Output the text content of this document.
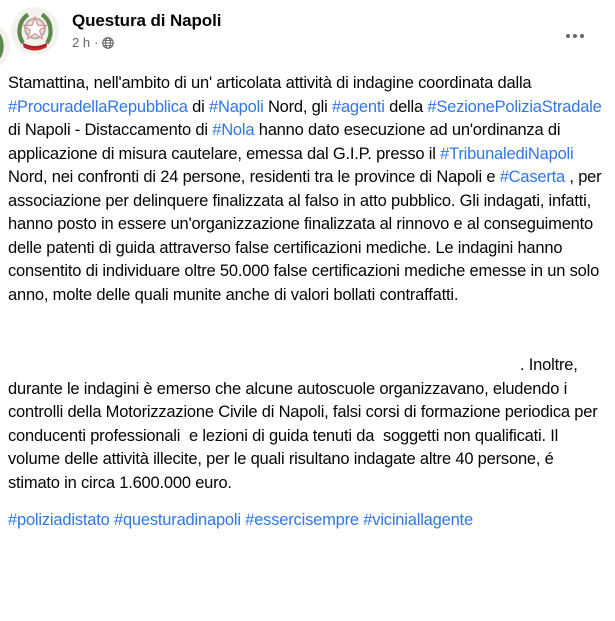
Questura di Napoli
2 h ·
Stamattina, nell'ambito di un' articolata attività di indagine coordinata dalla #ProcuradellaRepubblica di #Napoli Nord, gli #agenti della #SezionePoliziaStradale di Napoli - Distaccamento di #Nola hanno dato esecuzione ad un'ordinanza di applicazione di misura cautelare, emessa dal G.I.P. presso il #TribunalediNapoli Nord, nei confronti di 24 persone, residenti tra le province di Napoli e #Caserta , per associazione per delinquere finalizzata al falso in atto pubblico. Gli indagati, infatti, hanno posto in essere un'organizzazione finalizzata al rinnovo e al conseguimento delle patenti di guida attraverso false certificazioni mediche. Le indagini hanno consentito di individuare oltre 50.000 false certificazioni mediche emesse in un solo anno, molte delle quali munite anche di valori bollati contraffatti.
. Inoltre, durante le indagini è emerso che alcune autoscuole organizzavano, eludendo i controlli della Motorizzazione Civile di Napoli, falsi corsi di formazione periodica per conducenti professionali  e lezioni di guida tenuti da  soggetti non qualificati. Il volume delle attività illecite, per le quali risultano indagate altre 40 persone, é stimato in circa 1.600.000 euro.
#poliziadistato #questuradinapoli #essercisempre #viciniallagente
